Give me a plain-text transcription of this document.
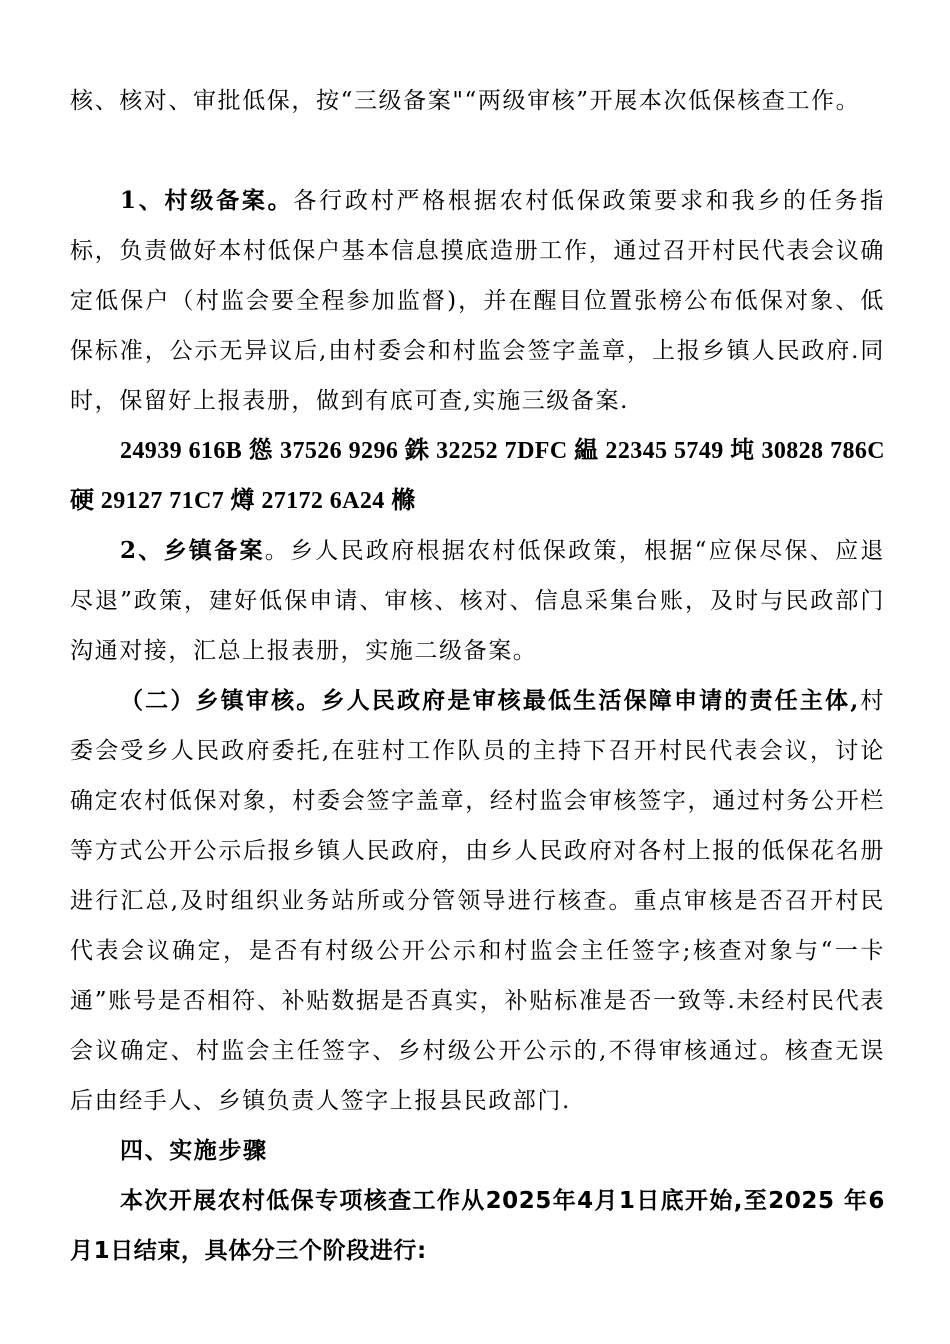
核、核对、审批低保，按“三级备案"“两级审核”开展本次低保核查工作。

1、村级备案。各行政村严格根据农村低保政策要求和我乡的任务指标，负责做好本村低保户基本信息摸底造册工作，通过召开村民代表会议确定低保户（村监会要全程参加监督)，并在醒目位置张榜公布低保对象、低保标准，公示无异议后,由村委会和村监会签字盖章，上报乡镇人民政府.同时，保留好上报表册，做到有底可查,实施三级备案.

24939 616B 慫 37526 9296 銖 32252 7DFC 緼 22345 5749 坉 30828 786C 硬 29127 71C7 燇 27172 6A24 樤

2、乡镇备案。乡人民政府根据农村低保政策，根据“应保尽保、应退尽退”政策，建好低保申请、审核、核对、信息采集台账，及时与民政部门沟通对接，汇总上报表册，实施二级备案。

（二）乡镇审核。乡人民政府是审核最低生活保障申请的责任主体,村委会受乡人民政府委托,在驻村工作队员的主持下召开村民代表会议，讨论确定农村低保对象，村委会签字盖章，经村监会审核签字，通过村务公开栏等方式公开公示后报乡镇人民政府，由乡人民政府对各村上报的低保花名册进行汇总,及时组织业务站所或分管领导进行核查。重点审核是否召开村民代表会议确定，是否有村级公开公示和村监会主任签字;核查对象与“一卡通”账号是否相符、补贴数据是否真实，补贴标准是否一致等.未经村民代表会议确定、村监会主任签字、乡村级公开公示的,不得审核通过。核查无误后由经手人、乡镇负责人签字上报县民政部门.

四、实施步骤

本次开展农村低保专项核查工作从2025年4月1日底开始,至2025 年6月1日结束，具体分三个阶段进行:
